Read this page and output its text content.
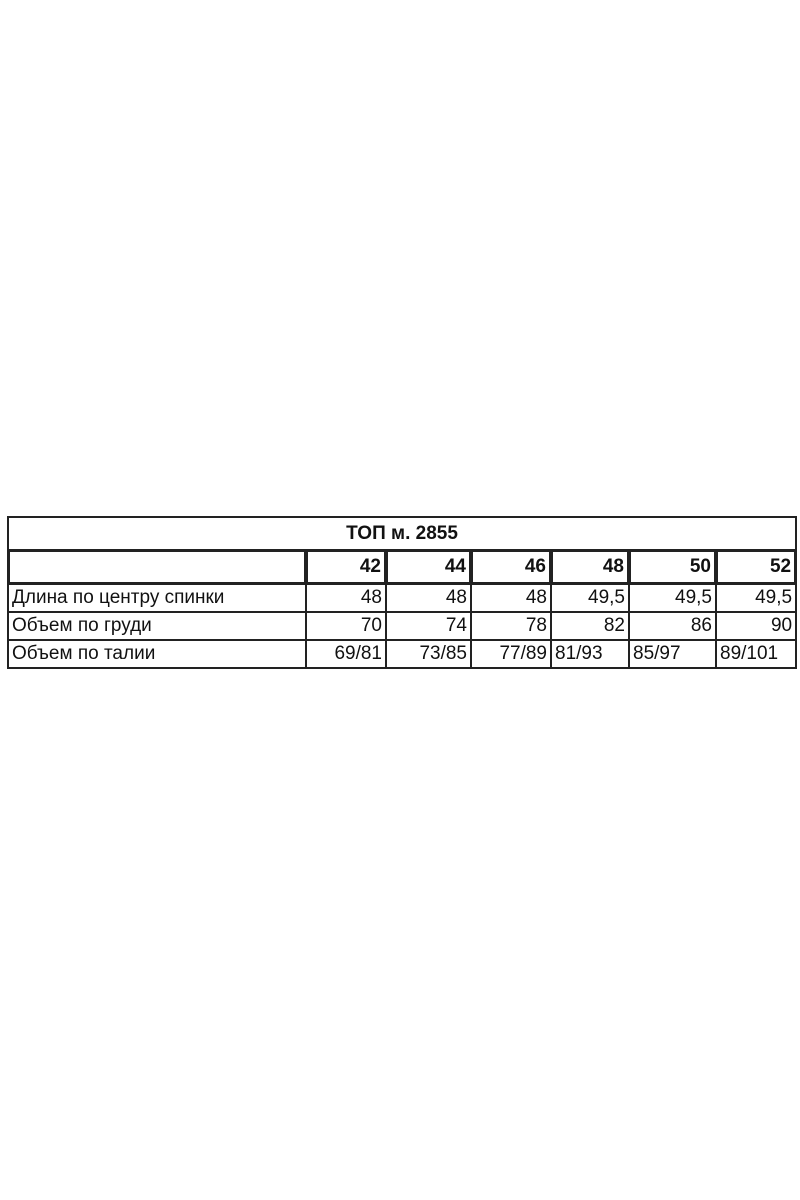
ТОП м. 2855						
	42	44	46	48	50	52
Длина по центру спинки	48	48	48	49,5	49,5	49,5
Объем по груди	70	74	78	82	86	90
Объем по талии	69/81	73/85	77/89	81/93	85/97	89/101
